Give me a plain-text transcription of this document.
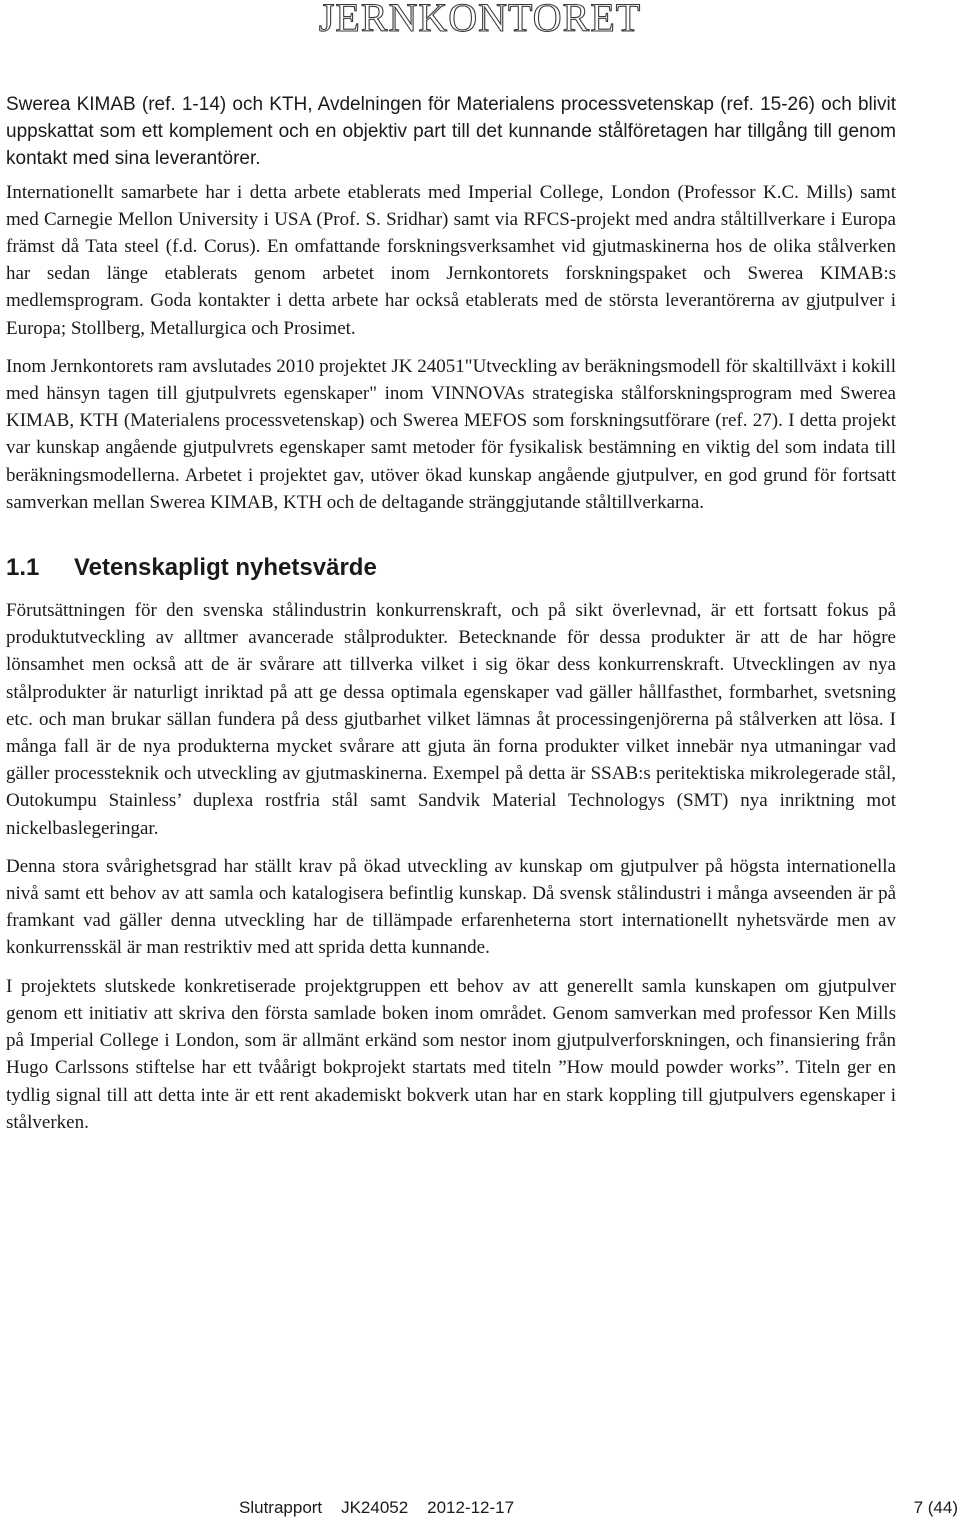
JERNKONTORET

Swerea KIMAB (ref. 1-14) och KTH, Avdelningen för Materialens processvetenskap (ref. 15-26) och blivit uppskattat som ett komplement och en objektiv part till det kunnande stålföretagen har tillgång till genom kontakt med sina leverantörer.

Internationellt samarbete har i detta arbete etablerats med Imperial College, London (Professor K.C. Mills) samt med Carnegie Mellon University i USA (Prof. S. Sridhar) samt via RFCS-projekt med andra ståltillverkare i Europa främst då Tata steel (f.d. Corus). En omfattande forskningsverksamhet vid gjutmaskinerna hos de olika stålverken har sedan länge etablerats genom arbetet inom Jernkontorets forskningspaket och Swerea KIMAB:s medlemsprogram. Goda kontakter i detta arbete har också etablerats med de största leverantörerna av gjutpulver i Europa; Stollberg, Metallurgica och Prosimet.

Inom Jernkontorets ram avslutades 2010 projektet JK 24051"Utveckling av beräkningsmodell för skaltillväxt i kokill med hänsyn tagen till gjutpulvrets egenskaper" inom VINNOVAs strategiska stålforskningsprogram med Swerea KIMAB, KTH (Materialens processvetenskap) och Swerea MEFOS som forskningsutförare (ref. 27). I detta projekt var kunskap angående gjutpulvrets egenskaper samt metoder för fysikalisk bestämning en viktig del som indata till beräkningsmodellerna. Arbetet i projektet gav, utöver ökad kunskap angående gjutpulver, en god grund för fortsatt samverkan mellan Swerea KIMAB, KTH och de deltagande stränggjutande ståltillverkarna.

1.1 Vetenskapligt nyhetsvärde

Förutsättningen för den svenska stålindustrin konkurrenskraft, och på sikt överlevnad, är ett fortsatt fokus på produktutveckling av alltmer avancerade stålprodukter. Betecknande för dessa produkter är att de har högre lönsamhet men också att de är svårare att tillverka vilket i sig ökar dess konkurrenskraft. Utvecklingen av nya stålprodukter är naturligt inriktad på att ge dessa optimala egenskaper vad gäller hållfasthet, formbarhet, svetsning etc. och man brukar sällan fundera på dess gjutbarhet vilket lämnas åt processingenjörerna på stålverken att lösa. I många fall är de nya produkterna mycket svårare att gjuta än forna produkter vilket innebär nya utmaningar vad gäller processteknik och utveckling av gjutmaskinerna. Exempel på detta är SSAB:s peritektiska mikrolegerade stål, Outokumpu Stainless’ duplexa rostfria stål samt Sandvik Material Technologys (SMT) nya inriktning mot nickelbaslegeringar.

Denna stora svårighetsgrad har ställt krav på ökad utveckling av kunskap om gjutpulver på högsta internationella nivå samt ett behov av att samla och katalogisera befintlig kunskap. Då svensk stålindustri i många avseenden är på framkant vad gäller denna utveckling har de tillämpade erfarenheterna stort internationellt nyhetsvärde men av konkurrensskäl är man restriktiv med att sprida detta kunnande.

I projektets slutskede konkretiserade projektgruppen ett behov av att generellt samla kunskapen om gjutpulver genom ett initiativ att skriva den första samlade boken inom området. Genom samverkan med professor Ken Mills på Imperial College i London, som är allmänt erkänd som nestor inom gjutpulverforskningen, och finansiering från Hugo Carlssons stiftelse har ett tvåårigt bokprojekt startats med titeln ”How mould powder works”. Titeln ger en tydlig signal till att detta inte är ett rent akademiskt bokverk utan har en stark koppling till gjutpulvers egenskaper i stålverken.

Slutrapport JK24052 2012-12-17	7 (44)
